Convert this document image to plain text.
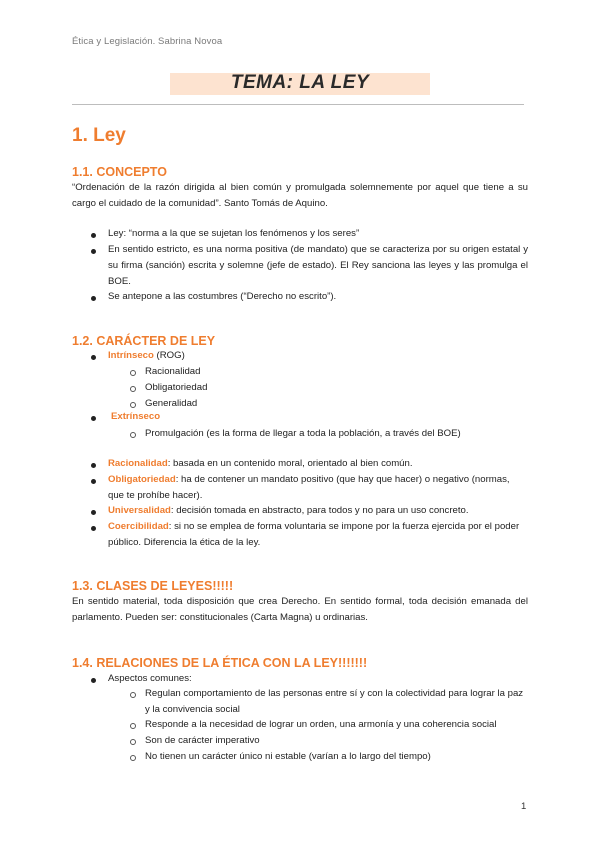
Ética y Legislación. Sabrina Novoa
TEMA: LA LEY
1. Ley
1.1. CONCEPTO
“Ordenación de la razón dirigida al bien común y promulgada solemnemente por aquel que tiene a su cargo el cuidado de la comunidad”. Santo Tomás de Aquino.
Ley: “norma a la que se sujetan los fenómenos y los seres”
En sentido estricto, es una norma positiva (de mandato) que se caracteriza por su origen estatal y su firma (sanción) escrita y solemne (jefe de estado). El Rey sanciona las leyes y las promulga el BOE.
Se antepone a las costumbres (“Derecho no escrito”).
1.2. CARÁCTER DE LEY
Intrínseco (ROG)
Racionalidad
Obligatoriedad
Generalidad
Extrínseco
Promulgación (es la forma de llegar a toda la población, a través del BOE)
Racionalidad: basada en un contenido moral, orientado al bien común.
Obligatoriedad: ha de contener un mandato positivo (que hay que hacer) o negativo (normas, que te prohíbe hacer).
Universalidad: decisión tomada en abstracto, para todos y no para un uso concreto.
Coercibilidad: si no se emplea de forma voluntaria se impone por la fuerza ejercida por el poder público. Diferencia la ética de la ley.
1.3. CLASES DE LEYES!!!!!
En sentido material, toda disposición que crea Derecho. En sentido formal, toda decisión emanada del parlamento. Pueden ser: constitucionales (Carta Magna) u ordinarias.
1.4. RELACIONES DE LA ÉTICA CON LA LEY!!!!!!!
Aspectos comunes:
Regulan comportamiento de las personas entre sí y con la colectividad para lograr la paz y la convivencia social
Responde a la necesidad de lograr un orden, una armonía y una coherencia social
Son de carácter imperativo
No tienen un carácter único ni estable (varían a lo largo del tiempo)
1
